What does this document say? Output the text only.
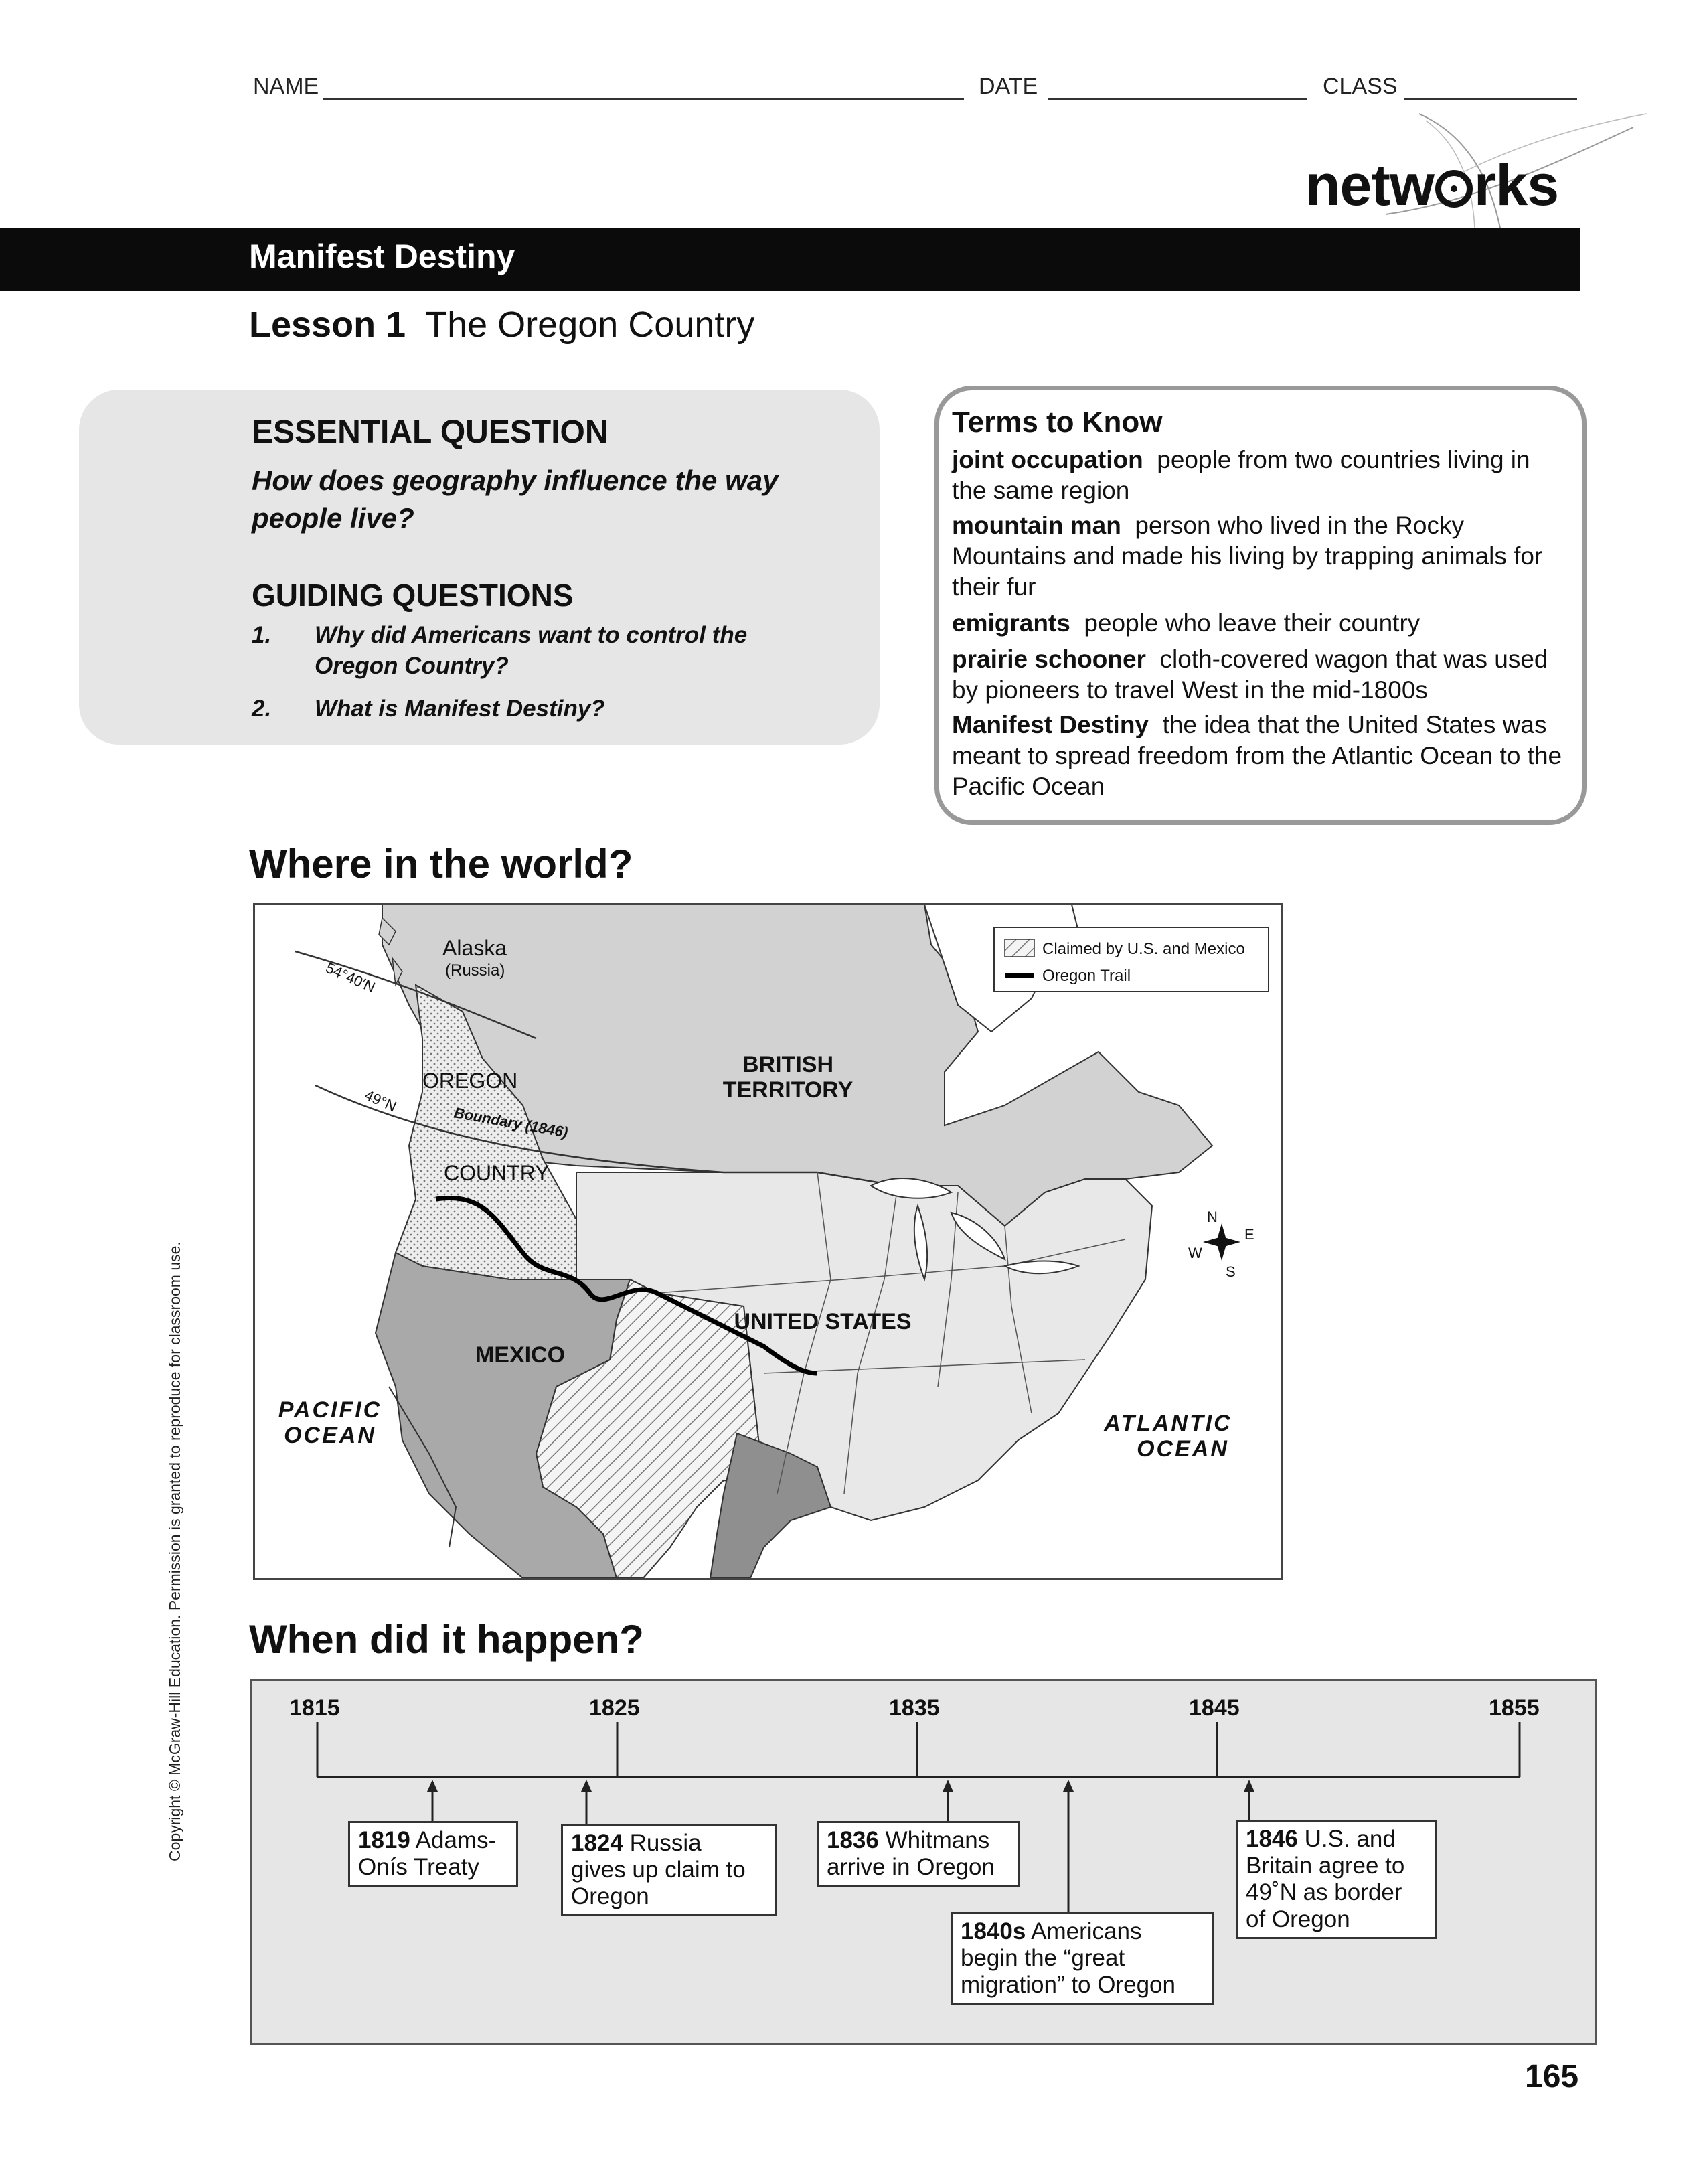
NAME	DATE	CLASS
netw rks
Manifest Destiny
Lesson 1 The Oregon Country
ESSENTIAL QUESTION
How does geography influence the way
people live?
GUIDING QUESTIONS
1. Why did Americans want to control the
Oregon Country?
2. What is Manifest Destiny?
Terms to Know
joint occupation people from two countries living in the same region
mountain man person who lived in the Rocky Mountains and made his living by trapping animals for their fur
emigrants people who leave their country
prairie schooner cloth-covered wagon that was used by pioneers to travel West in the mid-1800s
Manifest Destiny the idea that the United States was meant to spread freedom from the Atlantic Ocean to the Pacific Ocean
Where in the world?
Claimed by U.S. and Mexico
Oregon Trail
Alaska
(Russia)
54°40′N
49°N
OREGON
Boundary (1846)
COUNTRY
BRITISH
TERRITORY
UNITED STATES
MEXICO
PACIFIC
OCEAN	ATLANTIC
OCEAN
N
S
E
W
When did it happen?
1815	1825	1835	1845	1855
1819 Adams-
Onís Treaty
1824 Russia
gives up claim to
Oregon
1836 Whitmans
arrive in Oregon
1840s Americans
begin the “great
migration” to Oregon
1846 U.S. and
Britain agree to
49˚N as border
of Oregon
Copyright © McGraw-Hill Education. Permission is granted to reproduce for classroom use.
165
